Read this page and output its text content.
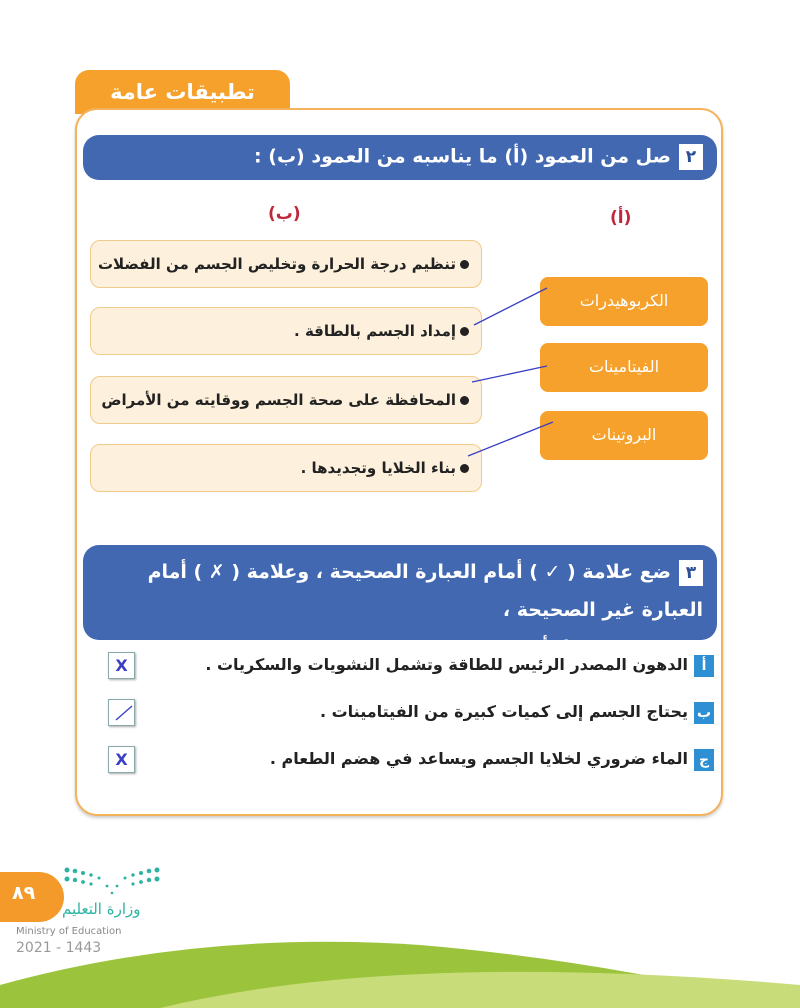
تطبيقات عامة
٢صل من العمود (أ) ما يناسبه من العمود (ب) :
(ب)	(أ)
تنظيم درجة الحرارة وتخليص الجسم من الفضلات
إمداد الجسم بالطاقة .
المحافظة على صحة الجسم ووقايته من الأمراض
بناء الخلايا وتجديدها .
الكربوهيدرات
الفيتامينات
البروتينات
٣ضع علامة ( ✓ ) أمام العبارة الصحيحة ، وعلامة ( ✗ ) أمام العبارة غير الصحيحة ،
فيما يأتي :
أالدهون المصدر الرئيس للطاقة وتشمل النشويات والسكريات .
بيحتاج الجسم إلى كميات كبيرة من الفيتامينات .
جالماء ضروري لخلايا الجسم ويساعد في هضم الطعام .
X
X
٨٩
وزارة التعليم
Ministry of Education
2021 - 1443
